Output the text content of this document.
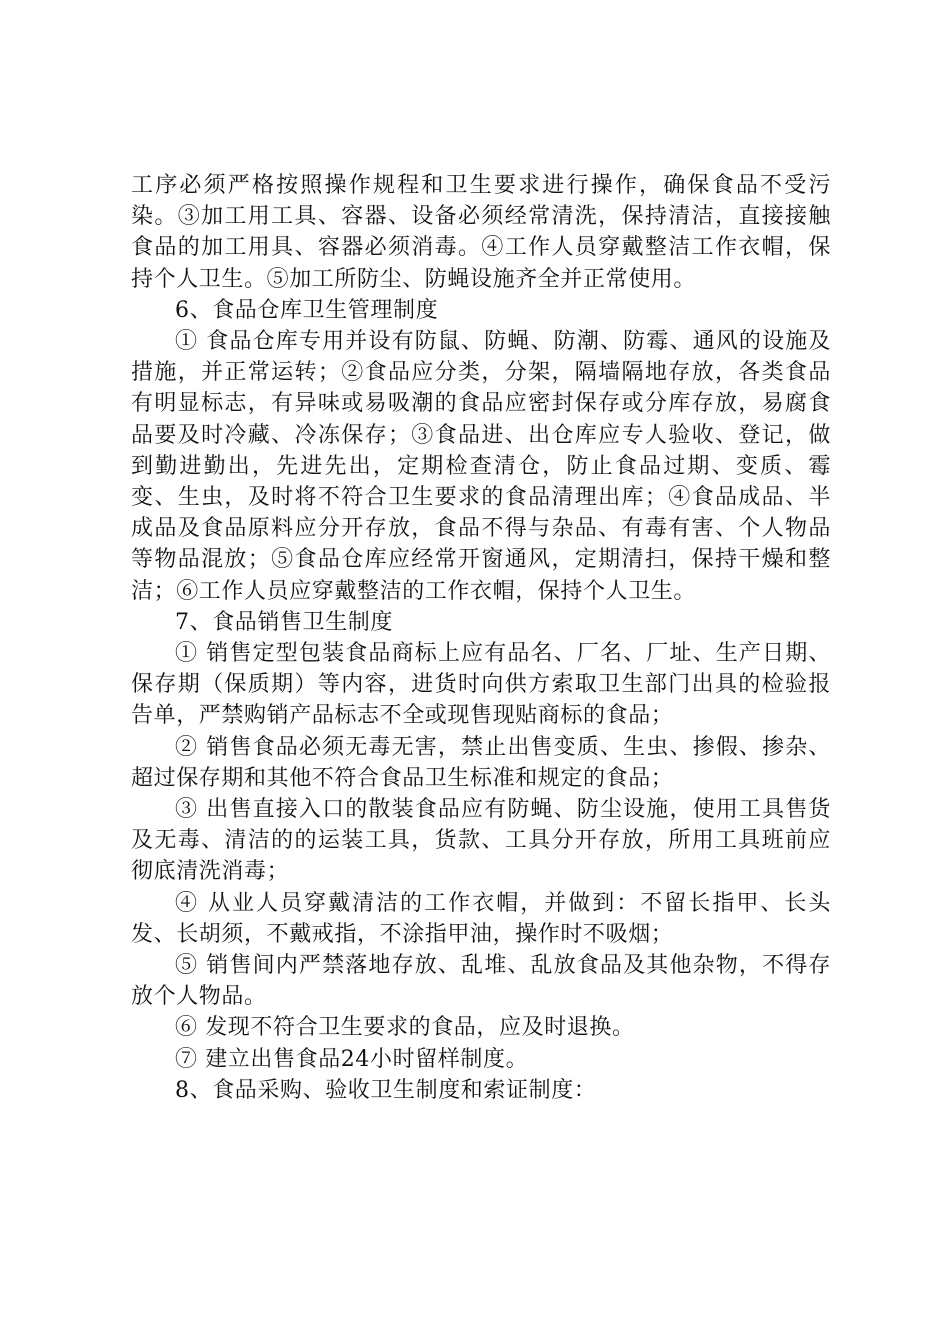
工序必须严格按照操作规程和卫生要求进行操作，确保食品不受污染。③加工用工具、容器、设备必须经常清洗，保持清洁，直接接触食品的加工用具、容器必须消毒。④工作人员穿戴整洁工作衣帽，保持个人卫生。⑤加工所防尘、防蝇设施齐全并正常使用。

6、食品仓库卫生管理制度

① 食品仓库专用并设有防鼠、防蝇、防潮、防霉、通风的设施及措施，并正常运转；②食品应分类，分架，隔墙隔地存放，各类食品有明显标志，有异味或易吸潮的食品应密封保存或分库存放，易腐食品要及时冷藏、冷冻保存；③食品进、出仓库应专人验收、登记，做到勤进勤出，先进先出，定期检查清仓，防止食品过期、变质、霉变、生虫，及时将不符合卫生要求的食品清理出库；④食品成品、半成品及食品原料应分开存放，食品不得与杂品、有毒有害、个人物品等物品混放；⑤食品仓库应经常开窗通风，定期清扫，保持干燥和整洁；⑥工作人员应穿戴整洁的工作衣帽，保持个人卫生。

7、食品销售卫生制度

① 销售定型包装食品商标上应有品名、厂名、厂址、生产日期、保存期（保质期）等内容，进货时向供方索取卫生部门出具的检验报告单，严禁购销产品标志不全或现售现贴商标的食品；

② 销售食品必须无毒无害，禁止出售变质、生虫、掺假、掺杂、超过保存期和其他不符合食品卫生标准和规定的食品；

③ 出售直接入口的散装食品应有防蝇、防尘设施，使用工具售货及无毒、清洁的的运装工具，货款、工具分开存放，所用工具班前应彻底清洗消毒；

④ 从业人员穿戴清洁的工作衣帽，并做到：不留长指甲、长头发、长胡须，不戴戒指，不涂指甲油，操作时不吸烟；

⑤ 销售间内严禁落地存放、乱堆、乱放食品及其他杂物，不得存放个人物品。

⑥ 发现不符合卫生要求的食品，应及时退换。

⑦ 建立出售食品24小时留样制度。

8、食品采购、验收卫生制度和索证制度：
